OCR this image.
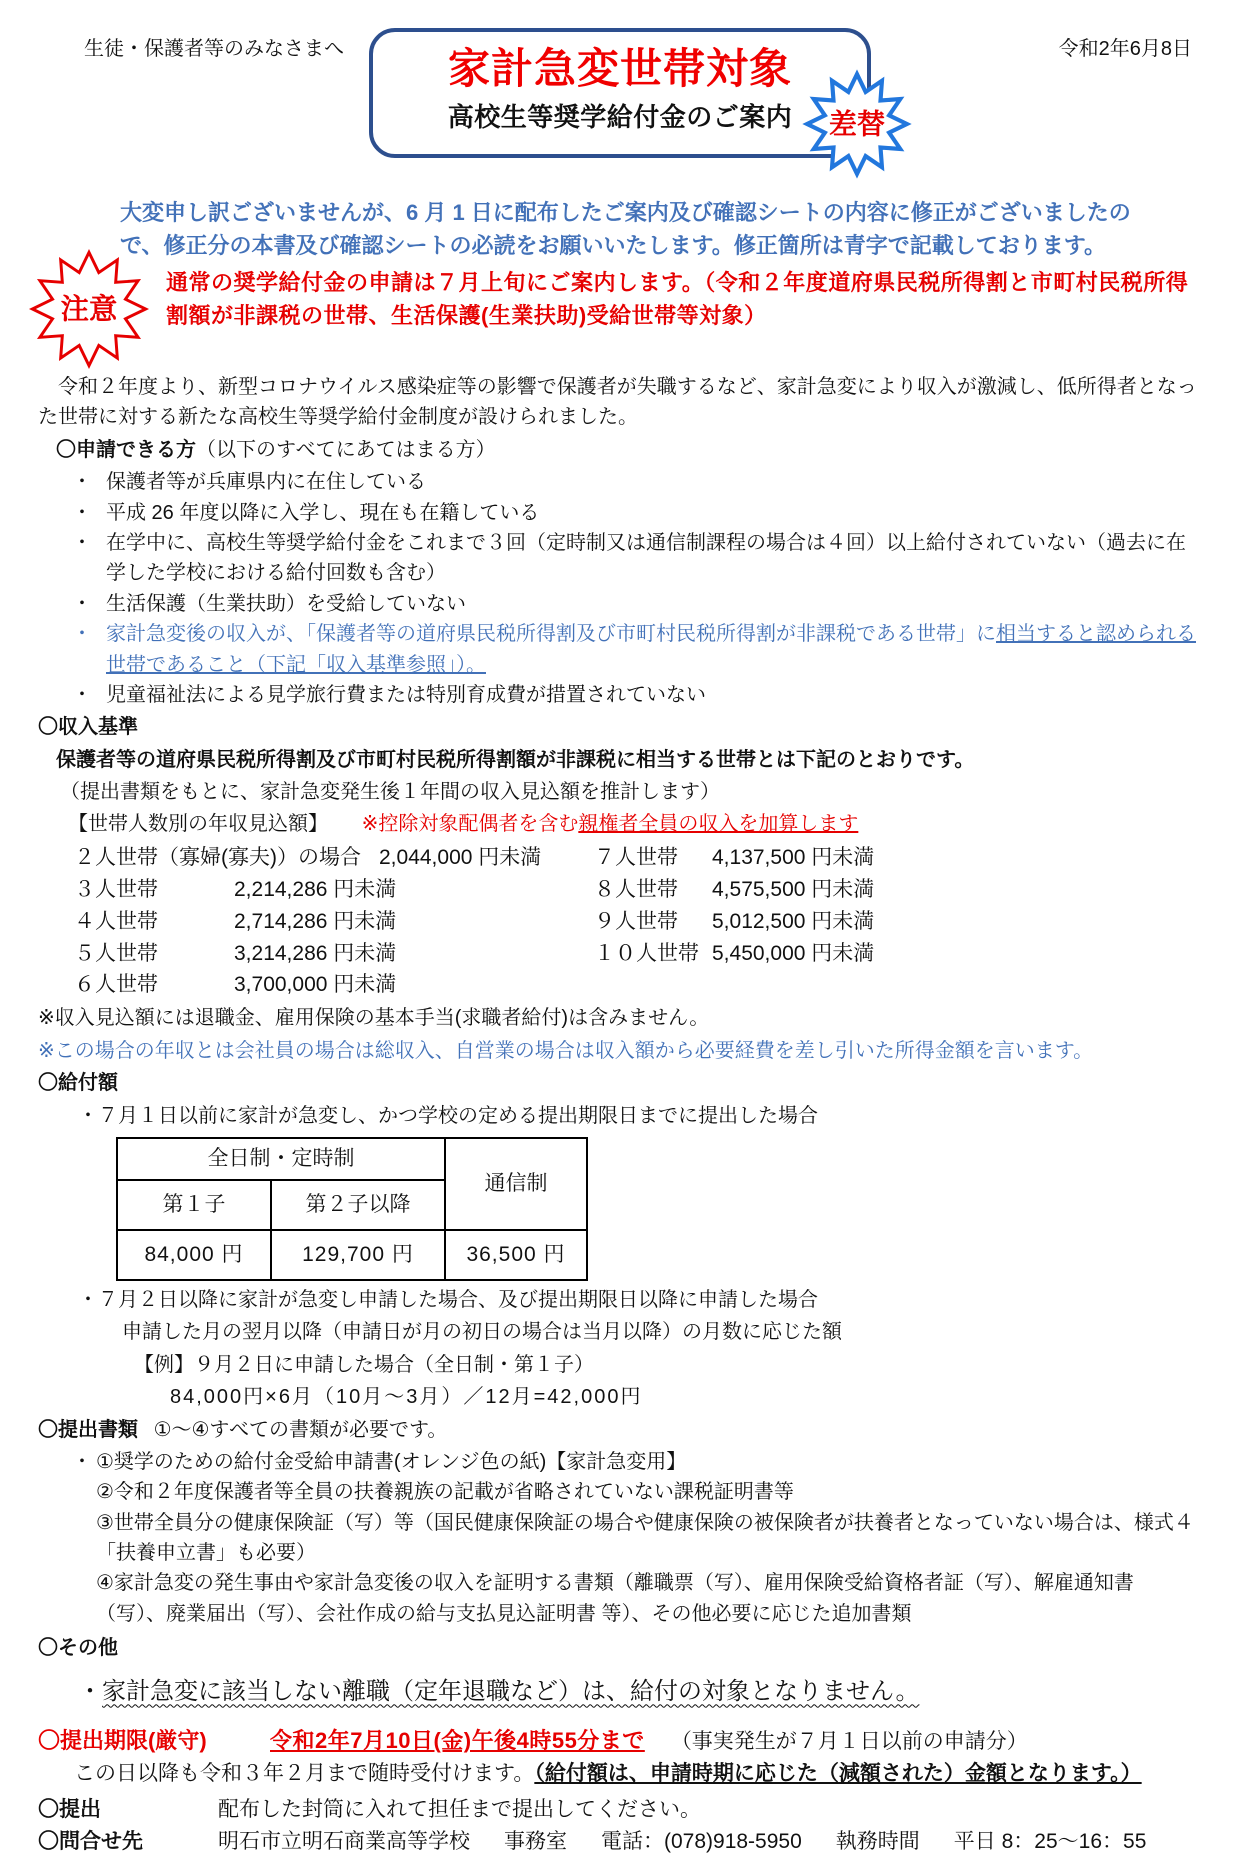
生徒・保護者等のみなさまへ	令和2年6月8日
家計急変世帯対象
高校生等奨学給付金のご案内	差替
大変申し訳ございませんが、6 月 1 日に配布したご案内及び確認シートの内容に修正がございましたので、修正分の本書及び確認シートの必読をお願いいたします。修正箇所は青字で記載しております。
注意
通常の奨学給付金の申請は７月上旬にご案内します。（令和２年度道府県民税所得割と市町村民税所得割額が非課税の世帯、生活保護(生業扶助)受給世帯等対象）
令和２年度より、新型コロナウイルス感染症等の影響で保護者が失職するなど、家計急変により収入が激減し、低所得者となった世帯に対する新たな高校生等奨学給付金制度が設けられました。
〇申請できる方（以下のすべてにあてはまる方）
・ 保護者等が兵庫県内に在住している
・ 平成 26 年度以降に入学し、現在も在籍している
・ 在学中に、高校生等奨学給付金をこれまで３回（定時制又は通信制課程の場合は４回）以上給付されていない（過去に在学した学校における給付回数も含む）
・ 生活保護（生業扶助）を受給していない
・ 家計急変後の収入が、「保護者等の道府県民税所得割及び市町村民税所得割が非課税である世帯」に相当すると認められる世帯であること（下記「収入基準参照」）。
・ 児童福祉法による見学旅行費または特別育成費が措置されていない
〇収入基準
保護者等の道府県民税所得割及び市町村民税所得割額が非課税に相当する世帯とは下記のとおりです。
（提出書類をもとに、家計急変発生後１年間の収入見込額を推計します）
【世帯人数別の年収見込額】 ※控除対象配偶者を含む親権者全員の収入を加算します
２人世帯（寡婦(寡夫)）の場合 2,044,000 円未満	７人世帯	4,137,500 円未満
３人世帯	2,214,286 円未満	８人世帯	4,575,500 円未満
４人世帯	2,714,286 円未満	９人世帯	5,012,500 円未満
５人世帯	3,214,286 円未満	１０人世帯 5,450,000 円未満
６人世帯	3,700,000 円未満
※収入見込額には退職金、雇用保険の基本手当(求職者給付)は含みません。
※この場合の年収とは会社員の場合は総収入、自営業の場合は収入額から必要経費を差し引いた所得金額を言います。
〇給付額
・７月１日以前に家計が急変し、かつ学校の定める提出期限日までに提出した場合
全日制・定時制		通信制
第１子	第２子以降	
84,000 円	129,700 円	36,500 円
・７月２日以降に家計が急変し申請した場合、及び提出期限日以降に申請した場合
申請した月の翌月以降（申請日が月の初日の場合は当月以降）の月数に応じた額
【例】９月２日に申請した場合（全日制・第１子）
84,000円×6月（10月～3月）／12月=42,000円
〇提出書類 ①～④すべての書類が必要です。
・ ①奨学のための給付金受給申請書(オレンジ色の紙)【家計急変用】
②令和２年度保護者等全員の扶養親族の記載が省略されていない課税証明書等
③世帯全員分の健康保険証（写）等（国民健康保険証の場合や健康保険の被保険者が扶養者となっていない場合は、様式４「扶養申立書」も必要）
④家計急変の発生事由や家計急変後の収入を証明する書類（離職票（写）、雇用保険受給資格者証（写）、解雇通知書（写）、廃業届出（写）、会社作成の給与支払見込証明書 等）、その他必要に応じた追加書類
〇その他
・家計急変に該当しない離職（定年退職など）は、給付の対象となりません。
〇提出期限(厳守)	令和2年7月10日(金)午後4時55分まで （事実発生が７月１日以前の申請分）
この日以降も令和３年２月まで随時受付けます。（給付額は、申請時期に応じた（減額された）金額となります。）
〇提出	配布した封筒に入れて担任まで提出してください。
〇問合せ先	明石市立明石商業高等学校 事務室 電話：(078)918-5950 執務時間 平日 8：25～16：55
